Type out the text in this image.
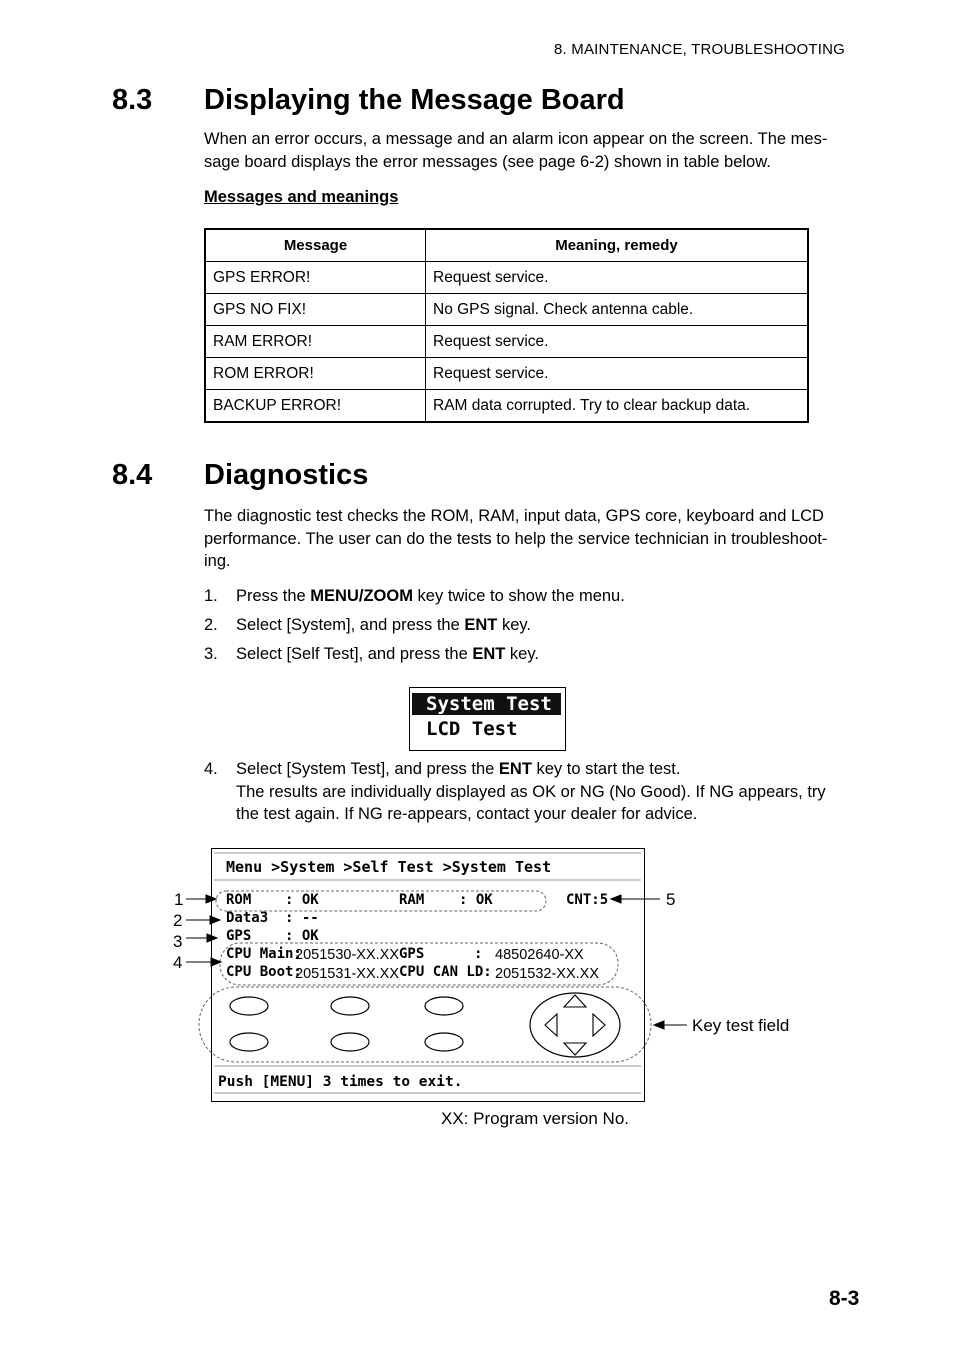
8. MAINTENANCE, TROUBLESHOOTING
8.3 Displaying the Message Board
When an error occurs, a message and an alarm icon appear on the screen. The mes-
sage board displays the error messages (see page 6-2) shown in table below.
Messages and meanings
Message	Meaning, remedy
GPS ERROR!	Request service.
GPS NO FIX!	No GPS signal. Check antenna cable.
RAM ERROR!	Request service.
ROM ERROR!	Request service.
BACKUP ERROR!	RAM data corrupted. Try to clear backup data.
8.4 Diagnostics
The diagnostic test checks the ROM, RAM, input data, GPS core, keyboard and LCD
performance. The user can do the tests to help the service technician in troubleshoot-
ing.
1. Press the MENU/ZOOM key twice to show the menu.
2. Select [System], and press the ENT key.
3. Select [Self Test], and press the ENT key.
System Test
LCD Test
4. Select [System Test], and press the ENT key to start the test.
The results are individually displayed as OK or NG (No Good). If NG appears, try
the test again. If NG re-appears, contact your dealer for advice.
Menu >System >Self Test >System Test
ROM : OK	RAM : OK	CNT:5
Data3 : --
GPS : OK
CPU Main:
2051530-XX.XX GPS	: 48502640-XX
CPU Boot:
2051531-XX.XX CPU CAN LD: 2051532-XX.XX
Push [MENU] 3 times to exit.
1
2
3
4
5
Key test field
XX: Program version No.
8-3
